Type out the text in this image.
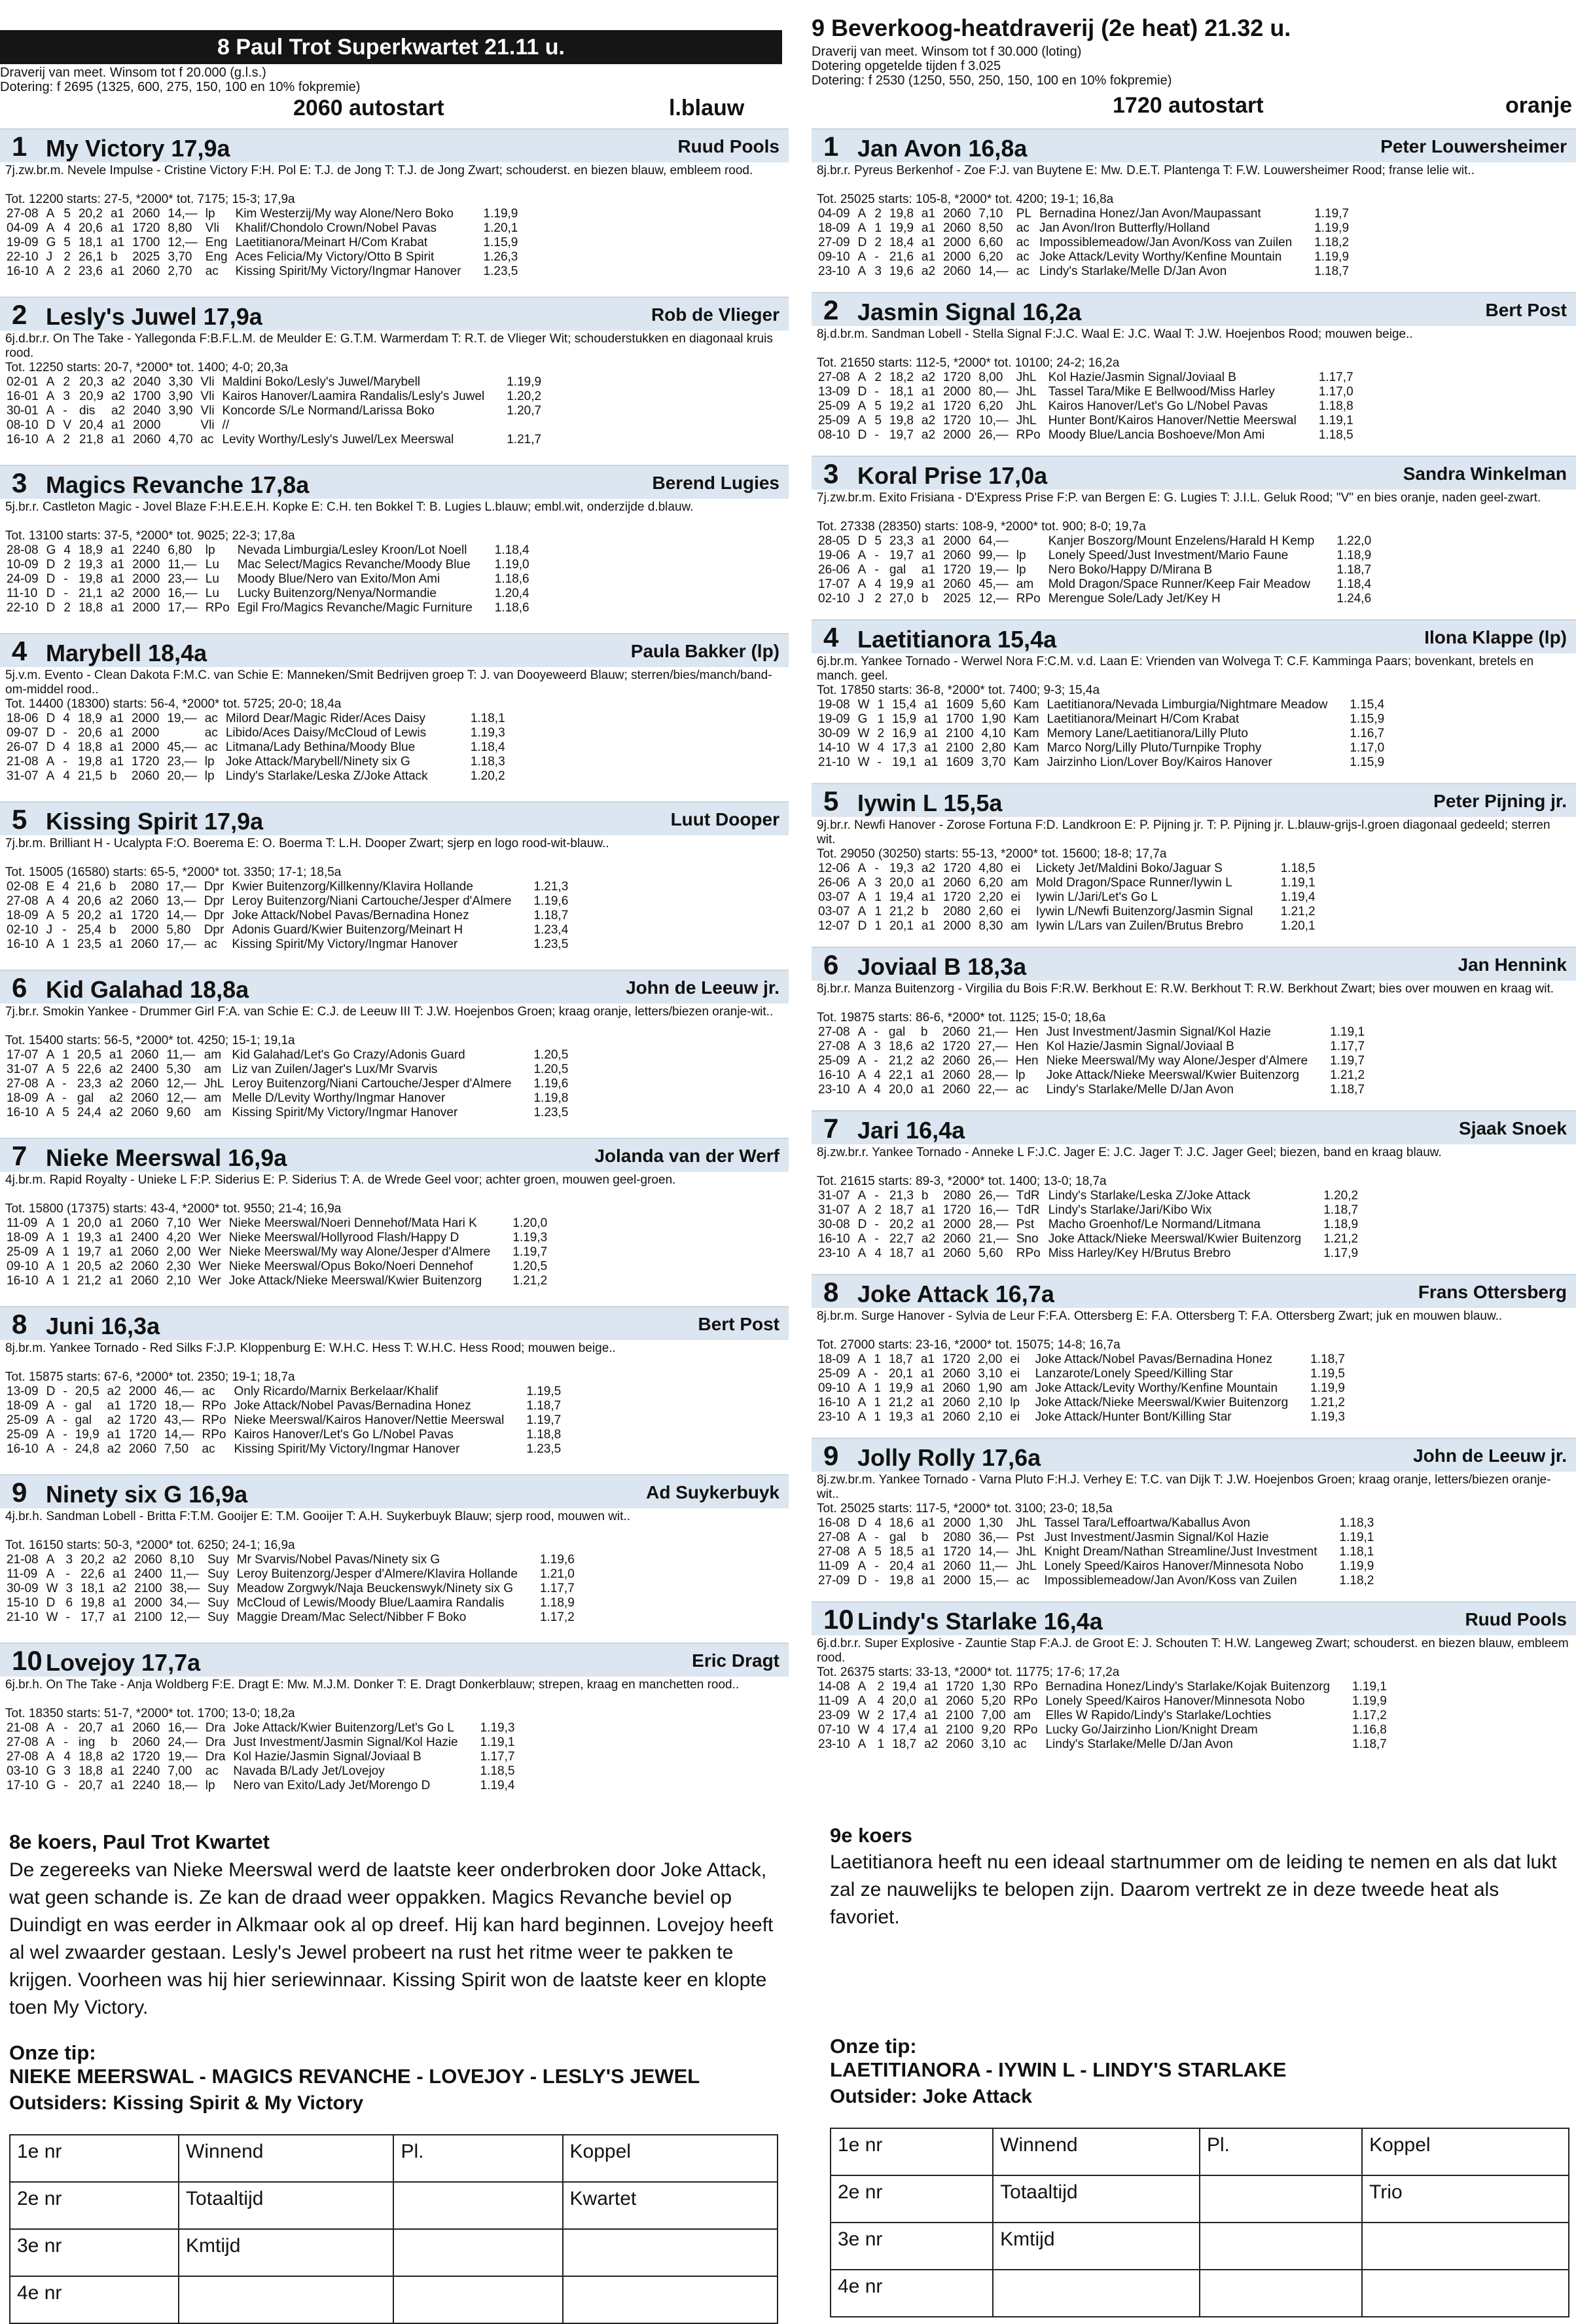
8 Paul Trot Superkwartet 21.11 u.
Draverij van meet. Winsom tot f 20.000 (g.l.s.)
Dotering: f 2695 (1325, 600, 275, 150, 100 en 10% fokpremie)
2060 autostart	l.blauw
1 My Victory 17,9a	Ruud Pools
7j.zw.br.m. Nevele Impulse - Cristine Victory F:H. Pol E: T.J. de Jong T: T.J. de Jong Zwart; schouderst. en biezen blauw, embleem rood.
Tot. 12200 starts: 27-5, *2000* tot. 7175; 15-3; 17,9a
27-08	A	5	20,2	a1	2060	14,—	lp	Kim Westerzij/My way Alone/Nero Boko	1.19,9
04-09	A	4	20,6	a1	1720	8,80	Vli	Khalif/Chondolo Crown/Nobel Pavas	1.20,1
19-09	G	5	18,1	a1	1700	12,—	Eng	Laetitianora/Meinart H/Com Krabat	1.15,9
22-10	J	2	26,1	b	2025	3,70	Eng	Aces Felicia/My Victory/Otto B Spirit	1.26,3
16-10	A	2	23,6	a1	2060	2,70	ac	Kissing Spirit/My Victory/Ingmar Hanover	1.23,5
2 Lesly's Juwel 17,9a	Rob de Vlieger
6j.d.br.r. On The Take - Yallegonda F:B.F.L.M. de Meulder E: G.T.M. Warmerdam T: R.T. de Vlieger Wit; schouderstukken en diagonaal kruis rood.
Tot. 12250 starts: 20-7, *2000* tot. 1400; 4-0; 20,3a
02-01	A	2	20,3	a2	2040	3,30	Vli	Maldini Boko/Lesly's Juwel/Marybell	1.19,9
16-01	A	3	20,9	a2	1700	3,90	Vli	Kairos Hanover/Laamira Randalis/Lesly's Juwel	1.20,2
30-01	A	-	dis	a2	2040	3,90	Vli	Koncorde S/Le Normand/Larissa Boko	1.20,7
08-10	D	V	20,4	a1	2000		Vli	//	
16-10	A	2	21,8	a1	2060	4,70	ac	Levity Worthy/Lesly's Juwel/Lex Meerswal	1.21,7
3 Magics Revanche 17,8a	Berend Lugies
5j.br.r. Castleton Magic - Jovel Blaze F:H.E.E.H. Kopke E: C.H. ten Bokkel T: B. Lugies L.blauw; embl.wit, onderzijde d.blauw.
Tot. 13100 starts: 37-5, *2000* tot. 9025; 22-3; 17,8a
28-08	G	4	18,9	a1	2240	6,80	lp	Nevada Limburgia/Lesley Kroon/Lot Noell	1.18,4
10-09	D	2	19,3	a1	2000	11,—	Lu	Mac Select/Magics Revanche/Moody Blue	1.19,0
24-09	D	-	19,8	a1	2000	23,—	Lu	Moody Blue/Nero van Exito/Mon Ami	1.18,6
11-10	D	-	21,1	a2	2000	16,—	Lu	Lucky Buitenzorg/Nenya/Normandie	1.20,4
22-10	D	2	18,8	a1	2000	17,—	RPo	Egil Fro/Magics Revanche/Magic Furniture	1.18,6
4 Marybell 18,4a	Paula Bakker (lp)
5j.v.m. Evento - Clean Dakota F:M.C. van Schie E: Manneken/Smit Bedrijven groep T: J. van Dooyeweerd Blauw; sterren/bies/manch/band-om-middel rood..
Tot. 14400 (18300) starts: 56-4, *2000* tot. 5725; 20-0; 18,4a
18-06	D	4	18,9	a1	2000	19,—	ac	Milord Dear/Magic Rider/Aces Daisy	1.18,1
09-07	D	-	20,6	a1	2000		ac	Libido/Aces Daisy/McCloud of Lewis	1.19,3
26-07	D	4	18,8	a1	2000	45,—	ac	Litmana/Lady Bethina/Moody Blue	1.18,4
21-08	A	-	19,8	a1	1720	23,—	lp	Joke Attack/Marybell/Ninety six G	1.18,3
31-07	A	4	21,5	b	2060	20,—	lp	Lindy's Starlake/Leska Z/Joke Attack	1.20,2
5 Kissing Spirit 17,9a	Luut Dooper
7j.br.m. Brilliant H - Ucalypta F:O. Boerema E: O. Boerma T: L.H. Dooper Zwart; sjerp en logo rood-wit-blauw..
Tot. 15005 (16580) starts: 65-5, *2000* tot. 3350; 17-1; 18,5a
02-08	E	4	21,6	b	2080	17,—	Dpr	Kwier Buitenzorg/Killkenny/Klavira Hollande	1.21,3
27-08	A	4	20,6	a2	2060	13,—	Dpr	Leroy Buitenzorg/Niani Cartouche/Jesper d'Almere	1.19,6
18-09	A	5	20,2	a1	1720	14,—	Dpr	Joke Attack/Nobel Pavas/Bernadina Honez	1.18,7
02-10	J	-	25,4	b	2000	5,80	Dpr	Adonis Guard/Kwier Buitenzorg/Meinart H	1.23,4
16-10	A	1	23,5	a1	2060	17,—	ac	Kissing Spirit/My Victory/Ingmar Hanover	1.23,5
6 Kid Galahad 18,8a	John de Leeuw jr.
7j.br.r. Smokin Yankee - Drummer Girl F:A. van Schie E: C.J. de Leeuw III T: J.W. Hoejenbos Groen; kraag oranje, letters/biezen oranje-wit..
Tot. 15400 starts: 56-5, *2000* tot. 4250; 15-1; 19,1a
17-07	A	1	20,5	a1	2060	11,—	am	Kid Galahad/Let's Go Crazy/Adonis Guard	1.20,5
31-07	A	5	22,6	a2	2400	5,30	am	Liz van Zuilen/Jager's Lux/Mr Svarvis	1.20,5
27-08	A	-	23,3	a2	2060	12,—	JhL	Leroy Buitenzorg/Niani Cartouche/Jesper d'Almere	1.19,6
18-09	A	-	gal	a2	2060	12,—	am	Melle D/Levity Worthy/Ingmar Hanover	1.19,8
16-10	A	5	24,4	a2	2060	9,60	am	Kissing Spirit/My Victory/Ingmar Hanover	1.23,5
7 Nieke Meerswal 16,9a	Jolanda van der Werf
4j.br.m. Rapid Royalty - Unieke L F:P. Siderius E: P. Siderius T: A. de Wrede Geel voor; achter groen, mouwen geel-groen.
Tot. 15800 (17375) starts: 43-4, *2000* tot. 9550; 21-4; 16,9a
11-09	A	1	20,0	a1	2060	7,10	Wer	Nieke Meerswal/Noeri Dennehof/Mata Hari K	1.20,0
18-09	A	1	19,3	a1	2400	4,20	Wer	Nieke Meerswal/Hollyrood Flash/Happy D	1.19,3
25-09	A	1	19,7	a1	2060	2,00	Wer	Nieke Meerswal/My way Alone/Jesper d'Almere	1.19,7
09-10	A	1	20,5	a2	2060	2,30	Wer	Nieke Meerswal/Opus Boko/Noeri Dennehof	1.20,5
16-10	A	1	21,2	a1	2060	2,10	Wer	Joke Attack/Nieke Meerswal/Kwier Buitenzorg	1.21,2
8 Juni 16,3a	Bert Post
8j.br.m. Yankee Tornado - Red Silks F:J.P. Kloppenburg E: W.H.C. Hess T: W.H.C. Hess Rood; mouwen beige..
Tot. 15875 starts: 67-6, *2000* tot. 2350; 19-1; 18,7a
13-09	D	-	20,5	a2	2000	46,—	ac	Only Ricardo/Marnix Berkelaar/Khalif	1.19,5
18-09	A	-	gal	a1	1720	18,—	RPo	Joke Attack/Nobel Pavas/Bernadina Honez	1.18,7
25-09	A	-	gal	a2	1720	43,—	RPo	Nieke Meerswal/Kairos Hanover/Nettie Meerswal	1.19,7
25-09	A	-	19,9	a1	1720	14,—	RPo	Kairos Hanover/Let's Go L/Nobel Pavas	1.18,8
16-10	A	-	24,8	a2	2060	7,50	ac	Kissing Spirit/My Victory/Ingmar Hanover	1.23,5
9 Ninety six G 16,9a	Ad Suykerbuyk
4j.br.h. Sandman Lobell - Britta F:T.M. Gooijer E: T.M. Gooijer T: A.H. Suykerbuyk Blauw; sjerp rood, mouwen wit..
Tot. 16150 starts: 50-3, *2000* tot. 6250; 24-1; 16,9a
21-08	A	3	20,2	a2	2060	8,10	Suy	Mr Svarvis/Nobel Pavas/Ninety six G	1.19,6
11-09	A	-	22,6	a1	2400	11,—	Suy	Leroy Buitenzorg/Jesper d'Almere/Klavira Hollande	1.21,0
30-09	W	3	18,1	a2	2100	38,—	Suy	Meadow Zorgwyk/Naja Beuckenswyk/Ninety six G	1.17,7
15-10	D	6	19,8	a1	2000	34,—	Suy	McCloud of Lewis/Moody Blue/Laamira Randalis	1.18,9
21-10	W	-	17,7	a1	2100	12,—	Suy	Maggie Dream/Mac Select/Nibber F Boko	1.17,2
10 Lovejoy 17,7a	Eric Dragt
6j.br.h. On The Take - Anja Woldberg F:E. Dragt E: Mw. M.J.M. Donker T: E. Dragt Donkerblauw; strepen, kraag en manchetten rood..
Tot. 18350 starts: 51-7, *2000* tot. 1700; 13-0; 18,2a
21-08	A	-	20,7	a1	2060	16,—	Dra	Joke Attack/Kwier Buitenzorg/Let's Go L	1.19,3
27-08	A	-	ing	b	2060	24,—	Dra	Just Investment/Jasmin Signal/Kol Hazie	1.19,1
27-08	A	4	18,8	a2	1720	19,—	Dra	Kol Hazie/Jasmin Signal/Joviaal B	1.17,7
03-10	G	3	18,8	a1	2240	7,00	ac	Navada B/Lady Jet/Lovejoy	1.18,5
17-10	G	-	20,7	a1	2240	18,—	lp	Nero van Exito/Lady Jet/Morengo D	1.19,4
8e koers, Paul Trot Kwartet
De zegereeks van Nieke Meerswal werd de laatste keer onderbroken door Joke Attack, wat geen schande is. Ze kan de draad weer oppakken. Magics Revanche beviel op Duindigt en was eerder in Alkmaar ook al op dreef. Hij kan hard beginnen. Lovejoy heeft al wel zwaarder gestaan. Lesly's Jewel probeert na rust het ritme weer te pakken te krijgen. Voorheen was hij hier seriewinnaar. Kissing Spirit won de laatste keer en klopte toen My Victory.
Onze tip:
NIEKE MEERSWAL - MAGICS REVANCHE - LOVEJOY - LESLY'S JEWEL
Outsiders: Kissing Spirit & My Victory
1e nr	Winnend	Pl.	Koppel
2e nr	Totaaltijd		Kwartet
3e nr	Kmtijd		
4e nr			
9 Beverkoog-heatdraverij (2e heat) 21.32 u.
Draverij van meet. Winsom tot f 30.000 (loting)
Dotering opgetelde tijden f 3.025
Dotering: f 2530 (1250, 550, 250, 150, 100 en 10% fokpremie)
1720 autostart	oranje
1 Jan Avon 16,8a	Peter Louwersheimer
8j.br.r. Pyreus Berkenhof - Zoe F:J. van Buytene E: Mw. D.E.T. Plantenga T: F.W. Louwersheimer Rood; franse lelie wit..
Tot. 25025 starts: 105-8, *2000* tot. 4200; 19-1; 16,8a
04-09	A	2	19,8	a1	2060	7,10	PL	Bernadina Honez/Jan Avon/Maupassant	1.19,7
18-09	A	1	19,9	a1	2060	8,50	ac	Jan Avon/Iron Butterfly/Holland	1.19,9
27-09	D	2	18,4	a1	2000	6,60	ac	Impossiblemeadow/Jan Avon/Koss van Zuilen	1.18,2
09-10	A	-	21,6	a1	2000	6,20	ac	Joke Attack/Levity Worthy/Kenfine Mountain	1.19,9
23-10	A	3	19,6	a2	2060	14,—	ac	Lindy's Starlake/Melle D/Jan Avon	1.18,7
2 Jasmin Signal 16,2a	Bert Post
8j.d.br.m. Sandman Lobell - Stella Signal F:J.C. Waal E: J.C. Waal T: J.W. Hoejenbos Rood; mouwen beige..
Tot. 21650 starts: 112-5, *2000* tot. 10100; 24-2; 16,2a
27-08	A	2	18,2	a2	1720	8,00	JhL	Kol Hazie/Jasmin Signal/Joviaal B	1.17,7
13-09	D	-	18,1	a1	2000	80,—	JhL	Tassel Tara/Mike E Bellwood/Miss Harley	1.17,0
25-09	A	5	19,2	a1	1720	6,20	JhL	Kairos Hanover/Let's Go L/Nobel Pavas	1.18,8
25-09	A	5	19,8	a2	1720	10,—	JhL	Hunter Bont/Kairos Hanover/Nettie Meerswal	1.19,1
08-10	D	-	19,7	a2	2000	26,—	RPo	Moody Blue/Lancia Boshoeve/Mon Ami	1.18,5
3 Koral Prise 17,0a	Sandra Winkelman
7j.zw.br.m. Exito Frisiana - D'Express Prise F:P. van Bergen E: G. Lugies T: J.I.L. Geluk Rood; "V" en bies oranje, naden geel-zwart.
Tot. 27338 (28350) starts: 108-9, *2000* tot. 900; 8-0; 19,7a
28-05	D	5	23,3	a1	2000	64,—		Kanjer Boszorg/Mount Enzelens/Harald H Kemp	1.22,0
19-06	A	-	19,7	a1	2060	99,—	lp	Lonely Speed/Just Investment/Mario Faune	1.18,9
26-06	A	-	gal	a1	1720	19,—	lp	Nero Boko/Happy D/Mirana B	1.18,7
17-07	A	4	19,9	a1	2060	45,—	am	Mold Dragon/Space Runner/Keep Fair Meadow	1.18,4
02-10	J	2	27,0	b	2025	12,—	RPo	Merengue Sole/Lady Jet/Key H	1.24,6
4 Laetitianora 15,4a	Ilona Klappe (lp)
6j.br.m. Yankee Tornado - Werwel Nora F:C.M. v.d. Laan E: Vrienden van Wolvega T: C.F. Kamminga Paars; bovenkant, bretels en manch. geel.
Tot. 17850 starts: 36-8, *2000* tot. 7400; 9-3; 15,4a
19-08	W	1	15,4	a1	1609	5,60	Kam	Laetitianora/Nevada Limburgia/Nightmare Meadow	1.15,4
19-09	G	1	15,9	a1	1700	1,90	Kam	Laetitianora/Meinart H/Com Krabat	1.15,9
30-09	W	2	16,9	a1	2100	4,10	Kam	Memory Lane/Laetitianora/Lilly Pluto	1.16,7
14-10	W	4	17,3	a1	2100	2,80	Kam	Marco Norg/Lilly Pluto/Turnpike Trophy	1.17,0
21-10	W	-	19,1	a1	1609	3,70	Kam	Jairzinho Lion/Lover Boy/Kairos Hanover	1.15,9
5 Iywin L 15,5a	Peter Pijning jr.
9j.br.r. Newfi Hanover - Zorose Fortuna F:D. Landkroon E: P. Pijning jr. T: P. Pijning jr. L.blauw-grijs-l.groen diagonaal gedeeld; sterren wit.
Tot. 29050 (30250) starts: 55-13, *2000* tot. 15600; 18-8; 17,7a
12-06	A	-	19,3	a2	1720	4,80	ei	Lickety Jet/Maldini Boko/Jaguar S	1.18,5
26-06	A	3	20,0	a1	2060	6,20	am	Mold Dragon/Space Runner/Iywin L	1.19,1
03-07	A	1	19,4	a1	1720	2,20	ei	Iywin L/Jari/Let's Go L	1.19,4
03-07	A	1	21,2	b	2080	2,60	ei	Iywin L/Newfi Buitenzorg/Jasmin Signal	1.21,2
12-07	D	1	20,1	a1	2000	8,30	am	Iywin L/Lars van Zuilen/Brutus Brebro	1.20,1
6 Joviaal B 18,3a	Jan Hennink
8j.br.r. Manza Buitenzorg - Virgilia du Bois F:R.W. Berkhout E: R.W. Berkhout T: R.W. Berkhout Zwart; bies over mouwen en kraag wit.
Tot. 19875 starts: 86-6, *2000* tot. 1125; 15-0; 18,6a
27-08	A	-	gal	b	2060	21,—	Hen	Just Investment/Jasmin Signal/Kol Hazie	1.19,1
27-08	A	3	18,6	a2	1720	27,—	Hen	Kol Hazie/Jasmin Signal/Joviaal B	1.17,7
25-09	A	-	21,2	a2	2060	26,—	Hen	Nieke Meerswal/My way Alone/Jesper d'Almere	1.19,7
16-10	A	4	22,1	a1	2060	28,—	lp	Joke Attack/Nieke Meerswal/Kwier Buitenzorg	1.21,2
23-10	A	4	20,0	a1	2060	22,—	ac	Lindy's Starlake/Melle D/Jan Avon	1.18,7
7 Jari 16,4a	Sjaak Snoek
8j.zw.br.r. Yankee Tornado - Anneke L F:J.C. Jager E: J.C. Jager T: J.C. Jager Geel; biezen, band en kraag blauw.
Tot. 21615 starts: 89-3, *2000* tot. 1400; 13-0; 18,7a
31-07	A	-	21,3	b	2080	26,—	TdR	Lindy's Starlake/Leska Z/Joke Attack	1.20,2
31-07	A	2	18,7	a1	1720	16,—	TdR	Lindy's Starlake/Jari/Kibo Wix	1.18,7
30-08	D	-	20,2	a1	2000	28,—	Pst	Macho Groenhof/Le Normand/Litmana	1.18,9
16-10	A	-	22,7	a2	2060	21,—	Sno	Joke Attack/Nieke Meerswal/Kwier Buitenzorg	1.21,2
23-10	A	4	18,7	a1	2060	5,60	RPo	Miss Harley/Key H/Brutus Brebro	1.17,9
8 Joke Attack 16,7a	Frans Ottersberg
8j.br.m. Surge Hanover - Sylvia de Leur F:F.A. Ottersberg E: F.A. Ottersberg T: F.A. Ottersberg Zwart; juk en mouwen blauw..
Tot. 27000 starts: 23-16, *2000* tot. 15075; 14-8; 16,7a
18-09	A	1	18,7	a1	1720	2,00	ei	Joke Attack/Nobel Pavas/Bernadina Honez	1.18,7
25-09	A	-	20,1	a1	2060	3,10	ei	Lanzarote/Lonely Speed/Killing Star	1.19,5
09-10	A	1	19,9	a1	2060	1,90	am	Joke Attack/Levity Worthy/Kenfine Mountain	1.19,9
16-10	A	1	21,2	a1	2060	2,10	lp	Joke Attack/Nieke Meerswal/Kwier Buitenzorg	1.21,2
23-10	A	1	19,3	a1	2060	2,10	ei	Joke Attack/Hunter Bont/Killing Star	1.19,3
9 Jolly Rolly 17,6a	John de Leeuw jr.
8j.zw.br.m. Yankee Tornado - Varna Pluto F:H.J. Verhey E: T.C. van Dijk T: J.W. Hoejenbos Groen; kraag oranje, letters/biezen oranje-wit..
Tot. 25025 starts: 117-5, *2000* tot. 3100; 23-0; 18,5a
16-08	D	4	18,6	a1	2000	1,30	JhL	Tassel Tara/Leffoartwa/Kaballus Avon	1.18,3
27-08	A	-	gal	b	2080	36,—	Pst	Just Investment/Jasmin Signal/Kol Hazie	1.19,1
27-08	A	5	18,5	a1	1720	14,—	JhL	Knight Dream/Nathan Streamline/Just Investment	1.18,1
11-09	A	-	20,4	a1	2060	11,—	JhL	Lonely Speed/Kairos Hanover/Minnesota Nobo	1.19,9
27-09	D	-	19,8	a1	2000	15,—	ac	Impossiblemeadow/Jan Avon/Koss van Zuilen	1.18,2
10 Lindy's Starlake 16,4a	Ruud Pools
6j.d.br.r. Super Explosive - Zauntie Stap F:A.J. de Groot E: J. Schouten T: H.W. Langeweg Zwart; schouderst. en biezen blauw, embleem rood.
Tot. 26375 starts: 33-13, *2000* tot. 11775; 17-6; 17,2a
14-08	A	2	19,4	a1	1720	1,30	RPo	Bernadina Honez/Lindy's Starlake/Kojak Buitenzorg	1.19,1
11-09	A	4	20,0	a1	2060	5,20	RPo	Lonely Speed/Kairos Hanover/Minnesota Nobo	1.19,9
23-09	W	2	17,4	a1	2100	7,00	am	Elles W Rapido/Lindy's Starlake/Lochties	1.17,2
07-10	W	4	17,4	a1	2100	9,20	RPo	Lucky Go/Jairzinho Lion/Knight Dream	1.16,8
23-10	A	1	18,7	a2	2060	3,10	ac	Lindy's Starlake/Melle D/Jan Avon	1.18,7
9e koers
Laetitianora heeft nu een ideaal startnummer om de leiding te nemen en als dat lukt zal ze nauwelijks te belopen zijn. Daarom vertrekt ze in deze tweede heat als favoriet.
Onze tip:
LAETITIANORA - IYWIN L - LINDY'S STARLAKE
Outsider: Joke Attack
1e nr	Winnend	Pl.	Koppel
2e nr	Totaaltijd		Trio
3e nr	Kmtijd		
4e nr			
